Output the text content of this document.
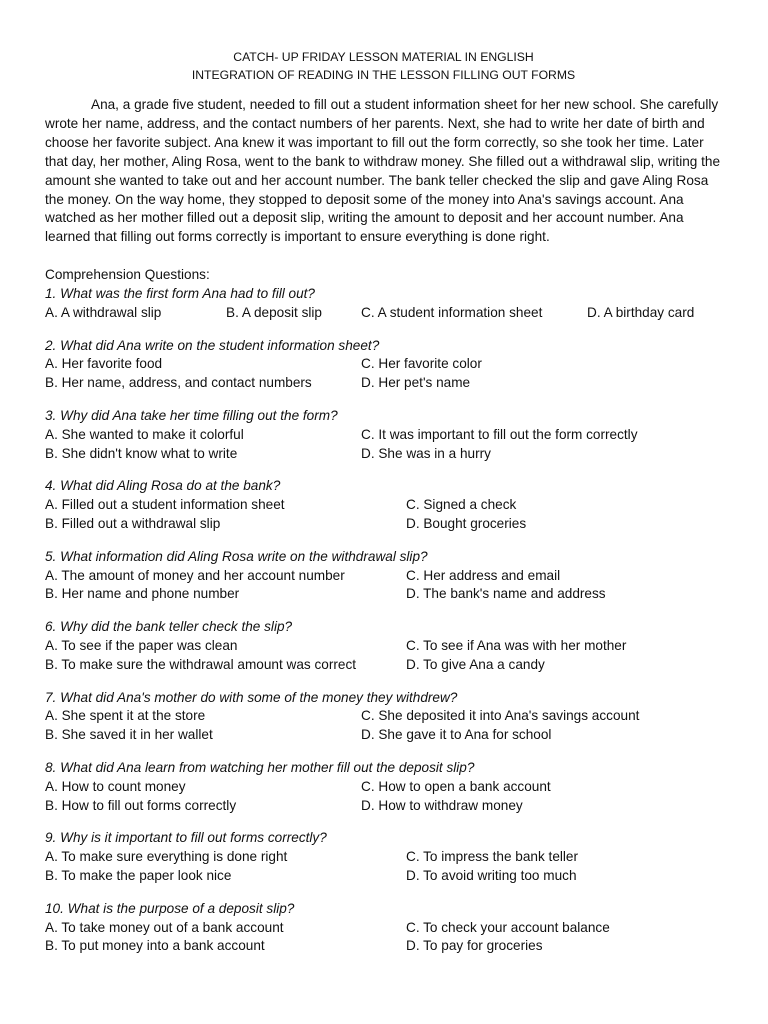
CATCH- UP FRIDAY LESSON MATERIAL IN ENGLISH
INTEGRATION OF READING IN THE LESSON FILLING OUT FORMS

Ana, a grade five student, needed to fill out a student information sheet for her new school. She carefully wrote her name, address, and the contact numbers of her parents. Next, she had to write her date of birth and choose her favorite subject. Ana knew it was important to fill out the form correctly, so she took her time. Later that day, her mother, Aling Rosa, went to the bank to withdraw money. She filled out a withdrawal slip, writing the amount she wanted to take out and her account number. The bank teller checked the slip and gave Aling Rosa the money. On the way home, they stopped to deposit some of the money into Ana's savings account. Ana watched as her mother filled out a deposit slip, writing the amount to deposit and her account number. Ana learned that filling out forms correctly is important to ensure everything is done right.

Comprehension Questions:
1. What was the first form Ana had to fill out?
A. A withdrawal slip	B. A deposit slip	C. A student information sheet	D. A birthday card
2. What did Ana write on the student information sheet?
A. Her favorite food	C. Her favorite color
B. Her name, address, and contact numbers	D. Her pet's name
3. Why did Ana take her time filling out the form?
A. She wanted to make it colorful	C. It was important to fill out the form correctly
B. She didn't know what to write	D. She was in a hurry
4. What did Aling Rosa do at the bank?
A. Filled out a student information sheet	C. Signed a check
B. Filled out a withdrawal slip	D. Bought groceries
5. What information did Aling Rosa write on the withdrawal slip?
A. The amount of money and her account number	C. Her address and email
B. Her name and phone number	D. The bank's name and address
6. Why did the bank teller check the slip?
A. To see if the paper was clean	C. To see if Ana was with her mother
B. To make sure the withdrawal amount was correct	D. To give Ana a candy
7. What did Ana's mother do with some of the money they withdrew?
A. She spent it at the store	C. She deposited it into Ana's savings account
B. She saved it in her wallet	D. She gave it to Ana for school
8. What did Ana learn from watching her mother fill out the deposit slip?
A. How to count money	C. How to open a bank account
B. How to fill out forms correctly	D. How to withdraw money
9. Why is it important to fill out forms correctly?
A. To make sure everything is done right	C. To impress the bank teller
B. To make the paper look nice	D. To avoid writing too much
10. What is the purpose of a deposit slip?
A. To take money out of a bank account	C. To check your account balance
B. To put money into a bank account	D. To pay for groceries
